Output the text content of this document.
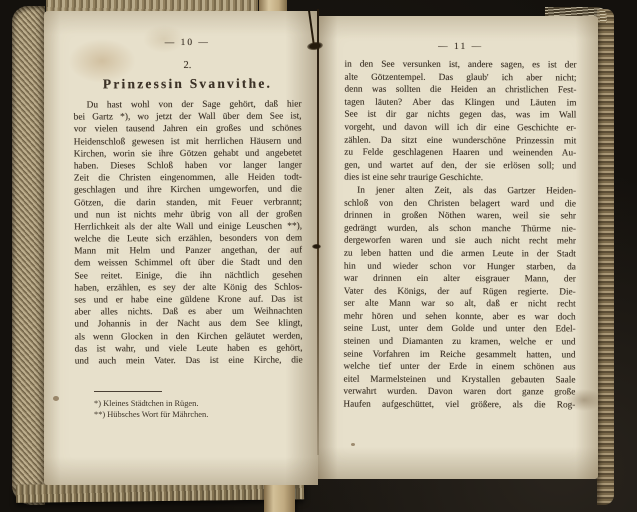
— 10 —
2.
Prinzessin Svanvithe.
Du hast wohl von der Sage gehört, daß hier
bei Gartz *), wo jetzt der Wall über dem See ist,
vor vielen tausend Jahren ein großes und schönes
Heidenschloß gewesen ist mit herrlichen Häusern und
Kirchen, worin sie ihre Götzen gehabt und angebetet
haben. Dieses Schloß haben vor langer langer
Zeit die Christen eingenommen, alle Heiden todt-
geschlagen und ihre Kirchen umgeworfen, und die
Götzen, die darin standen, mit Feuer verbrannt;
und nun ist nichts mehr übrig von all der großen
Herrlichkeit als der alte Wall und einige Leuschen **),
welche die Leute sich erzählen, besonders von dem
Mann mit Helm und Panzer angethan, der auf
dem weissen Schimmel oft über die Stadt und den
See reitet. Einige, die ihn nächtlich gesehen
haben, erzählen, es sey der alte König des Schlos-
ses und er habe eine güldene Krone auf. Das ist
aber alles nichts. Daß es aber um Weihnachten
und Johannis in der Nacht aus dem See klingt,
als wenn Glocken in den Kirchen geläutet werden,
das ist wahr, und viele Leute haben es gehört,
und auch mein Vater. Das ist eine Kirche, die
*) Kleines Städtchen in Rügen.
**) Hübsches Wort für Mährchen.
— 11 —
in den See versunken ist, andere sagen, es ist der
alte Götzentempel. Das glaub' ich aber nicht;
denn was sollten die Heiden an christlichen Fest-
tagen läuten? Aber das Klingen und Läuten im
See ist dir gar nichts gegen das, was im Wall
vorgeht, und davon will ich dir eine Geschichte er-
zählen. Da sitzt eine wunderschöne Prinzessin mit
zu Felde geschlagenen Haaren und weinenden Au-
gen, und wartet auf den, der sie erlösen soll; und
dies ist eine sehr traurige Geschichte.
In jener alten Zeit, als das Gartzer Heiden-
schloß von den Christen belagert ward und die
drinnen in großen Nöthen waren, weil sie sehr
gedrängt wurden, als schon manche Thürme nie-
dergeworfen waren und sie auch nicht recht mehr
zu leben hatten und die armen Leute in der Stadt
hin und wieder schon vor Hunger starben, da
war drinnen ein alter eisgrauer Mann, der
Vater des Königs, der auf Rügen regierte. Die-
ser alte Mann war so alt, daß er nicht recht
mehr hören und sehen konnte, aber es war doch
seine Lust, unter dem Golde und unter den Edel-
steinen und Diamanten zu kramen, welche er und
seine Vorfahren im Reiche gesammelt hatten, und
welche tief unter der Erde in einem schönen aus
eitel Marmelsteinen und Krystallen gebauten Saale
verwahrt wurden. Davon waren dort ganze große
Haufen aufgeschüttet, viel größere, als die Rog-
